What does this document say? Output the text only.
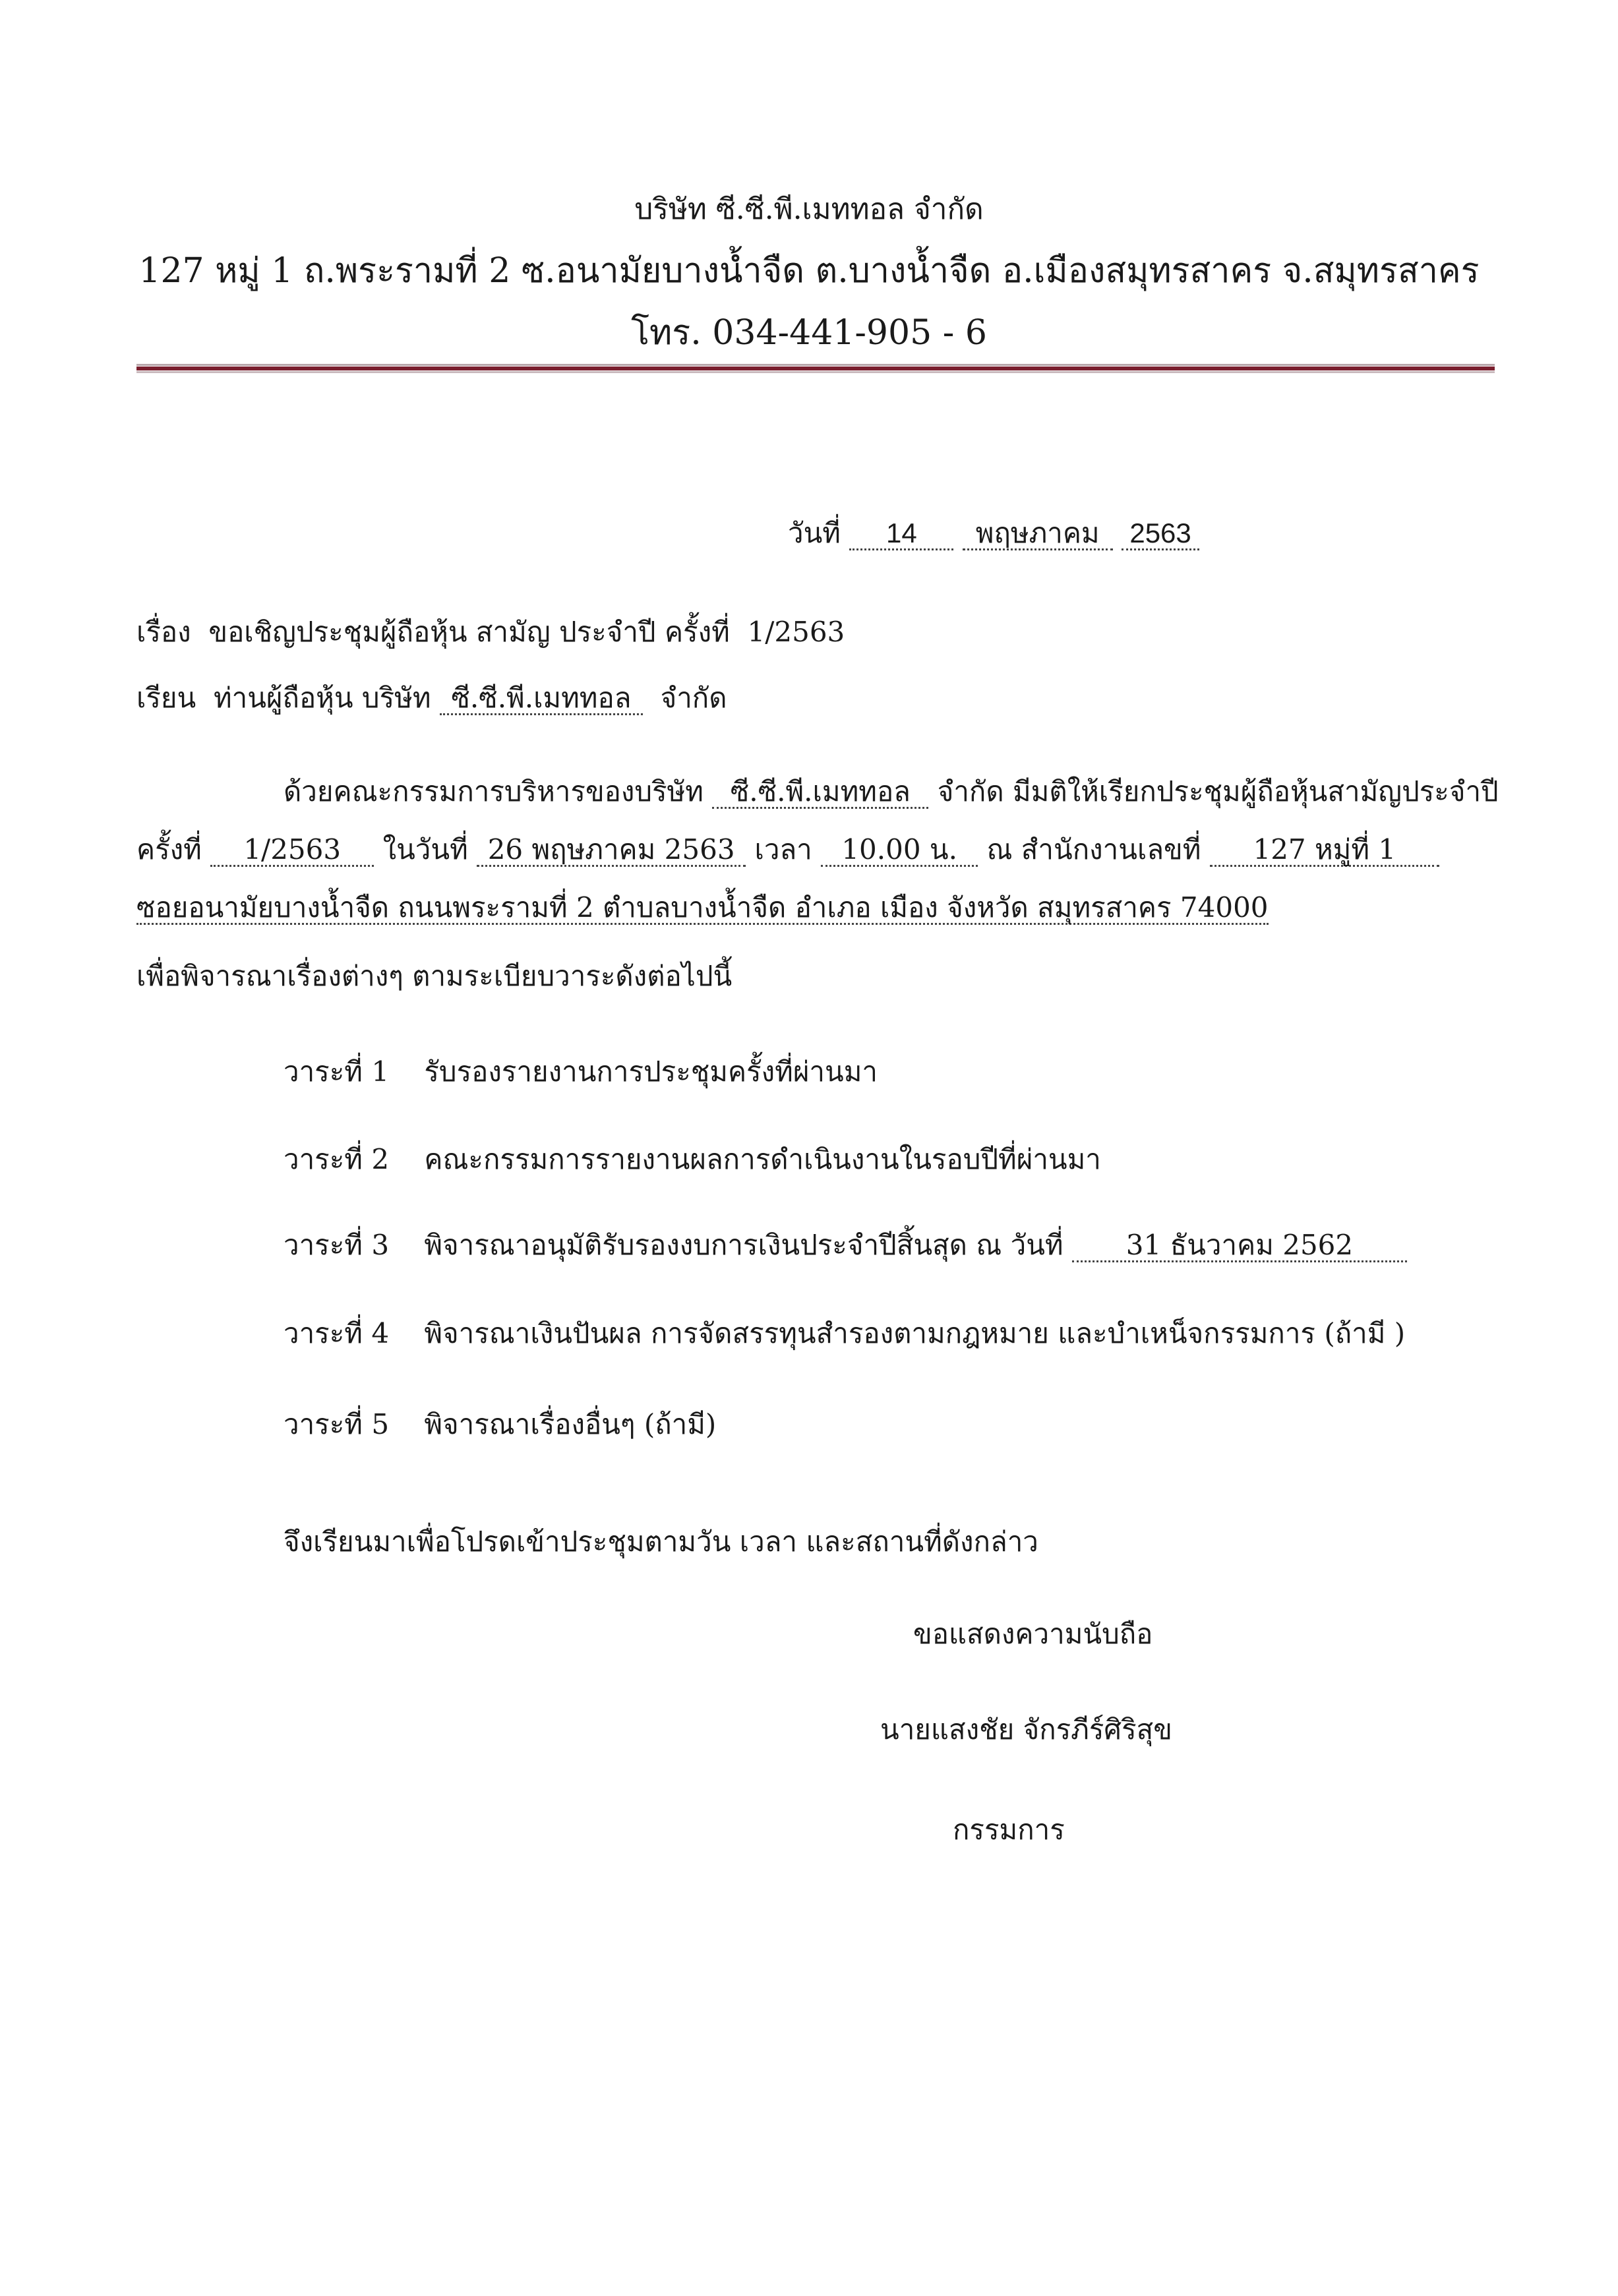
บริษัท ซี.ซี.พี.เมททอล จำกัด
127 หมู่ 1 ถ.พระรามที่ 2 ซ.อนามัยบางน้ำจืด ต.บางน้ำจืด อ.เมืองสมุทรสาคร จ.สมุทรสาคร
โทร. 034-441-905 - 6
วันที่ 14 พฤษภาคม 2563
เรื่อง ขอเชิญประชุมผู้ถือหุ้น สามัญ ประจำปี ครั้งที่ 1/2563
เรียน ท่านผู้ถือหุ้น บริษัท ซี.ซี.พี.เมททอล จำกัด
ด้วยคณะกรรมการบริหารของบริษัท ซี.ซี.พี.เมททอล จำกัด มีมติให้เรียกประชุมผู้ถือหุ้นสามัญประจำปี
ครั้งที่ 1/2563 ในวันที่ 26 พฤษภาคม 2563 เวลา 10.00 น. ณ สำนักงานเลขที่ 127 หมู่ที่ 1
ซอยอนามัยบางน้ำจืด ถนนพระรามที่ 2 ตำบลบางน้ำจืด อำเภอ เมือง จังหวัด สมุทรสาคร 74000
เพื่อพิจารณาเรื่องต่างๆ ตามระเบียบวาระดังต่อไปนี้
วาระที่ 1 รับรองรายงานการประชุมครั้งที่ผ่านมา
วาระที่ 2 คณะกรรมการรายงานผลการดำเนินงานในรอบปีที่ผ่านมา
วาระที่ 3 พิจารณาอนุมัติรับรองงบการเงินประจำปีสิ้นสุด ณ วันที่ 31 ธันวาคม 2562
วาระที่ 4 พิจารณาเงินปันผล การจัดสรรทุนสำรองตามกฎหมาย และบำเหน็จกรรมการ (ถ้ามี )
วาระที่ 5 พิจารณาเรื่องอื่นๆ (ถ้ามี)
จึงเรียนมาเพื่อโปรดเข้าประชุมตามวัน เวลา และสถานที่ดังกล่าว
ขอแสดงความนับถือ
นายแสงชัย จักรภีร์ศิริสุข
กรรมการ
